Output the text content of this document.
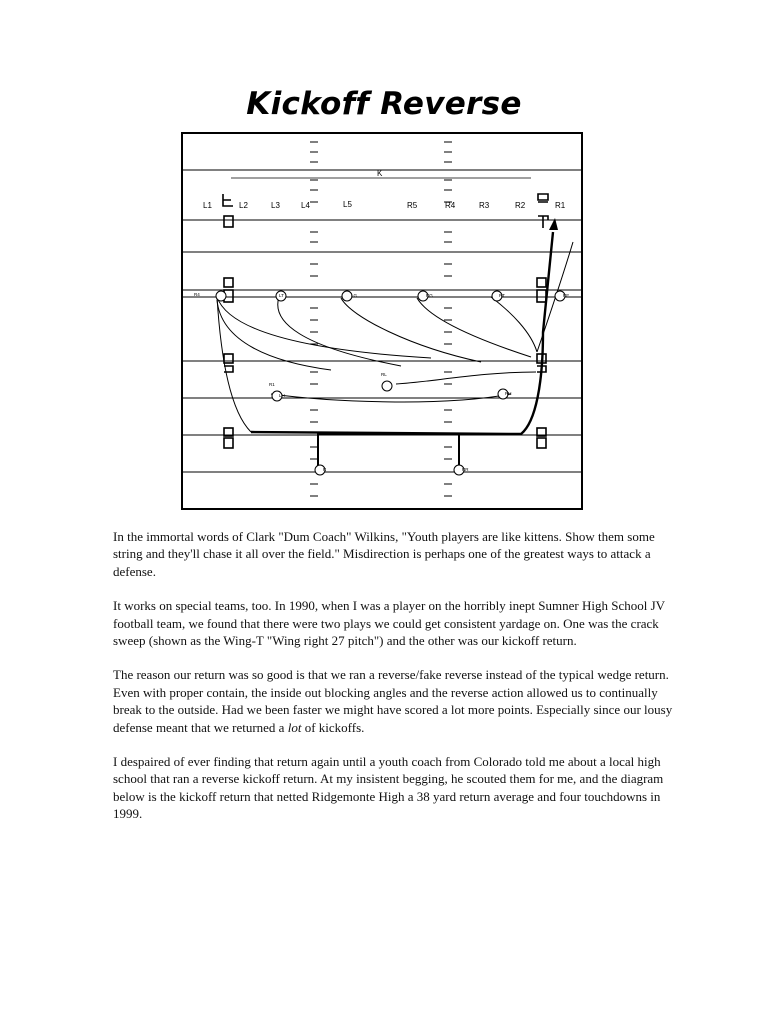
Kickoff Reverse
K
L1	L2	L3	L4	L5	R5	R4	R3	R2	R1
R4	LT	LG	RG	RT	RE
R1
LH
RL
RH
R	RR

In the immortal words of Clark "Dum Coach" Wilkins, "Youth players are like kittens. Show them some string and they'll chase it all over the field." Misdirection is perhaps one of the greatest ways to attack a defense.

It works on special teams, too. In 1990, when I was a player on the horribly inept Sumner High School JV football team, we found that there were two plays we could get consistent yardage on. One was the crack sweep (shown as the Wing-T "Wing right 27 pitch") and the other was our kickoff return.

The reason our return was so good is that we ran a reverse/fake reverse instead of the typical wedge return. Even with proper contain, the inside out blocking angles and the reverse action allowed us to continually break to the outside. Had we been faster we might have scored a lot more points. Especially since our lousy defense meant that we returned a lot of kickoffs.

I despaired of ever finding that return again until a youth coach from Colorado told me about a local high school that ran a reverse kickoff return. At my insistent begging, he scouted them for me, and the diagram below is the kickoff return that netted Ridgemonte High a 38 yard return average and four touchdowns in 1999.
